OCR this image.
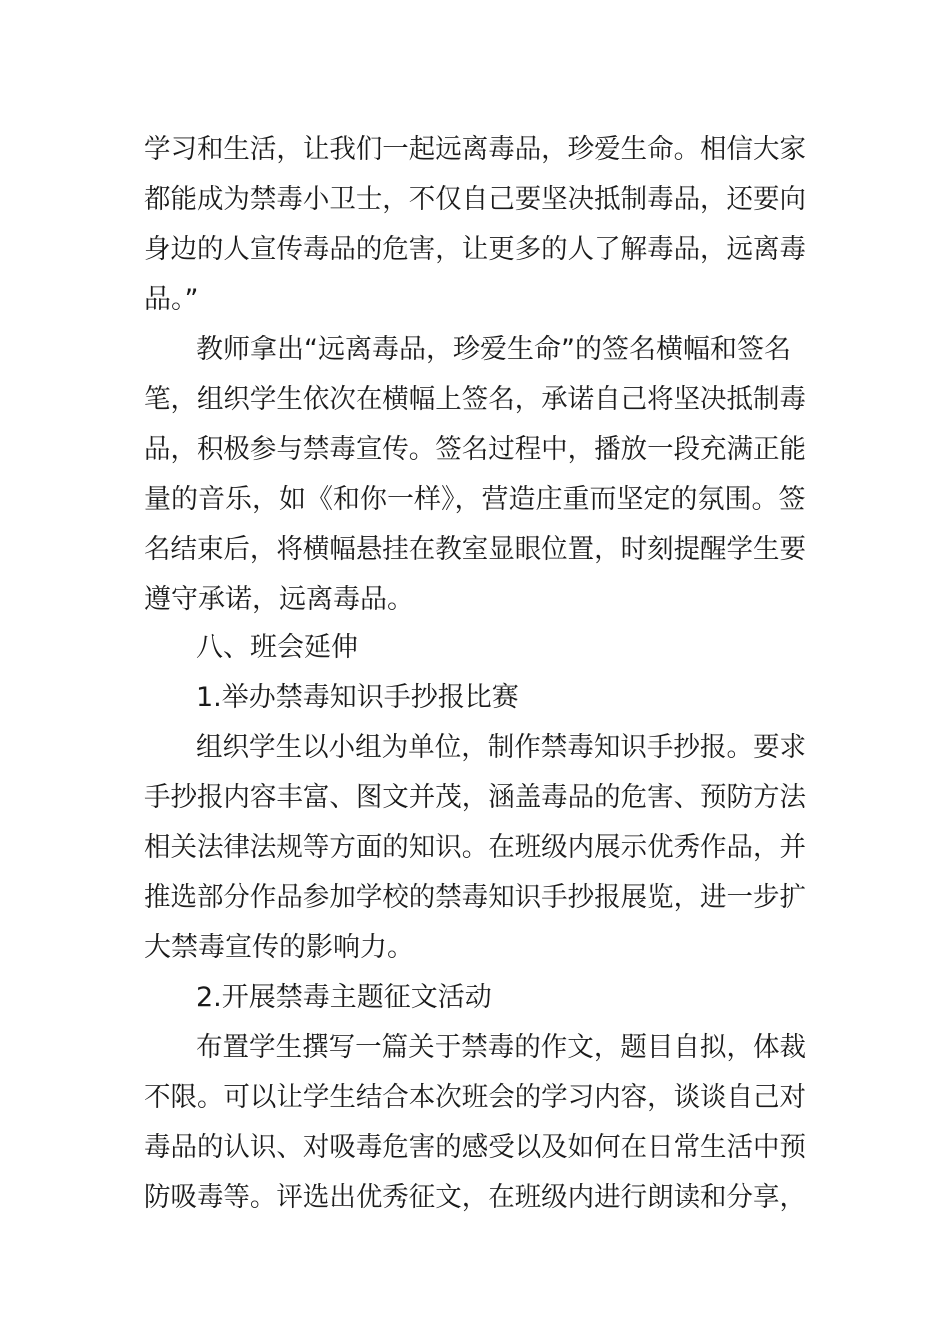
学习和生活，让我们一起远离毒品，珍爱生命。相信大家

都能成为禁毒小卫士，不仅自己要坚决抵制毒品，还要向

身边的人宣传毒品的危害，让更多的人了解毒品，远离毒

品。”

教师拿出“远离毒品，珍爱生命”的签名横幅和签名

笔，组织学生依次在横幅上签名，承诺自己将坚决抵制毒

品，积极参与禁毒宣传。签名过程中，播放一段充满正能

量的音乐，如《和你一样》，营造庄重而坚定的氛围。签

名结束后，将横幅悬挂在教室显眼位置，时刻提醒学生要

遵守承诺，远离毒品。

八、班会延伸

1.举办禁毒知识手抄报比赛

组织学生以小组为单位，制作禁毒知识手抄报。要求

手抄报内容丰富、图文并茂，涵盖毒品的危害、预防方法

相关法律法规等方面的知识。在班级内展示优秀作品，并

推选部分作品参加学校的禁毒知识手抄报展览，进一步扩

大禁毒宣传的影响力。

2.开展禁毒主题征文活动

布置学生撰写一篇关于禁毒的作文，题目自拟，体裁

不限。可以让学生结合本次班会的学习内容，谈谈自己对

毒品的认识、对吸毒危害的感受以及如何在日常生活中预

防吸毒等。评选出优秀征文，在班级内进行朗读和分享，
